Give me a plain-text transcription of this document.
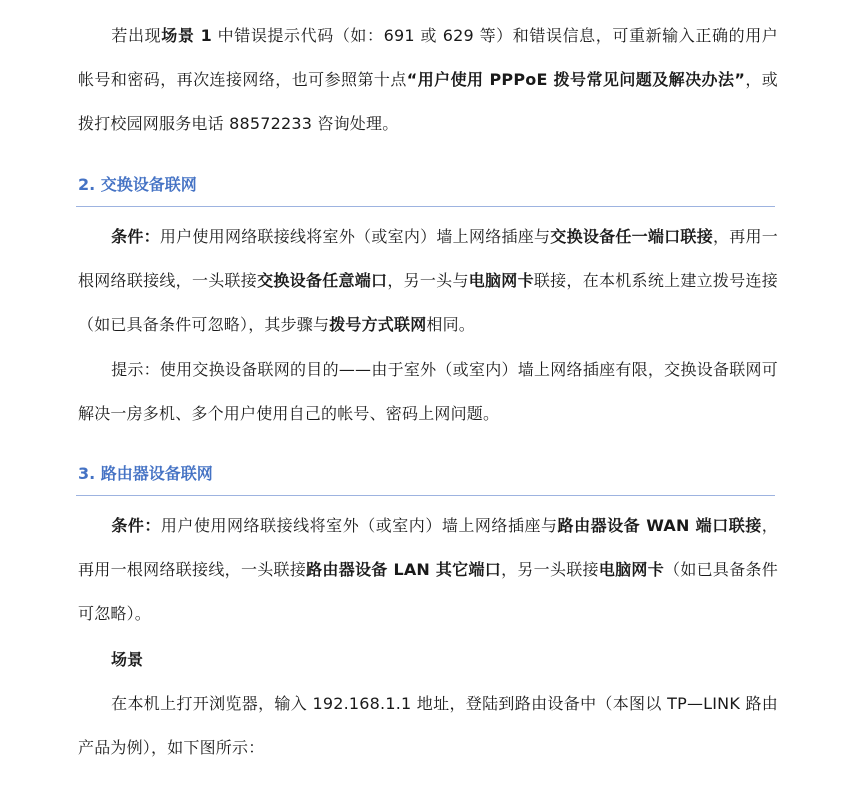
若出现场景 1 中错误提示代码（如：691 或 629 等）和错误信息，可重新输入正确的用户帐号和密码，再次连接网络，也可参照第十点“用户使用 PPPoE 拨号常见问题及解决办法”，或拨打校园网服务电话 88572233 咨询处理。

2. 交换设备联网

条件：用户使用网络联接线将室外（或室内）墙上网络插座与交换设备任一端口联接，再用一根网络联接线，一头联接交换设备任意端口，另一头与电脑网卡联接，在本机系统上建立拨号连接（如已具备条件可忽略），其步骤与拨号方式联网相同。

提示：使用交换设备联网的目的——由于室外（或室内）墙上网络插座有限，交换设备联网可解决一房多机、多个用户使用自己的帐号、密码上网问题。

3. 路由器设备联网

条件：用户使用网络联接线将室外（或室内）墙上网络插座与路由器设备 WAN 端口联接，再用一根网络联接线，一头联接路由器设备 LAN 其它端口，另一头联接电脑网卡（如已具备条件可忽略）。

场景

在本机上打开浏览器，输入 192.168.1.1 地址，登陆到路由设备中（本图以 TP—LINK 路由产品为例），如下图所示：
